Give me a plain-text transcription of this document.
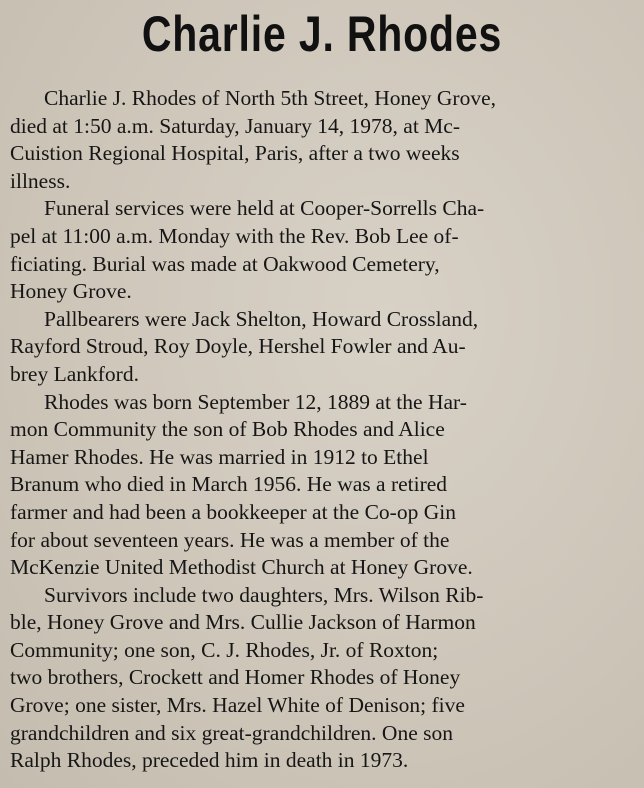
Charlie J. Rhodes
Charlie J. Rhodes of North 5th Street, Honey Grove,
died at 1:50 a.m. Saturday, January 14, 1978, at Mc-
Cuistion Regional Hospital, Paris, after a two weeks
illness.
Funeral services were held at Cooper-Sorrells Cha-
pel at 11:00 a.m. Monday with the Rev. Bob Lee of-
ficiating. Burial was made at Oakwood Cemetery,
Honey Grove.
Pallbearers were Jack Shelton, Howard Crossland,
Rayford Stroud, Roy Doyle, Hershel Fowler and Au-
brey Lankford.
Rhodes was born September 12, 1889 at the Har-
mon Community the son of Bob Rhodes and Alice
Hamer Rhodes. He was married in 1912 to Ethel
Branum who died in March 1956. He was a retired
farmer and had been a bookkeeper at the Co-op Gin
for about seventeen years. He was a member of the
McKenzie United Methodist Church at Honey Grove.
Survivors include two daughters, Mrs. Wilson Rib-
ble, Honey Grove and Mrs. Cullie Jackson of Harmon
Community; one son, C. J. Rhodes, Jr. of Roxton;
two brothers, Crockett and Homer Rhodes of Honey
Grove; one sister, Mrs. Hazel White of Denison; five
grandchildren and six great-grandchildren. One son
Ralph Rhodes, preceded him in death in 1973.
